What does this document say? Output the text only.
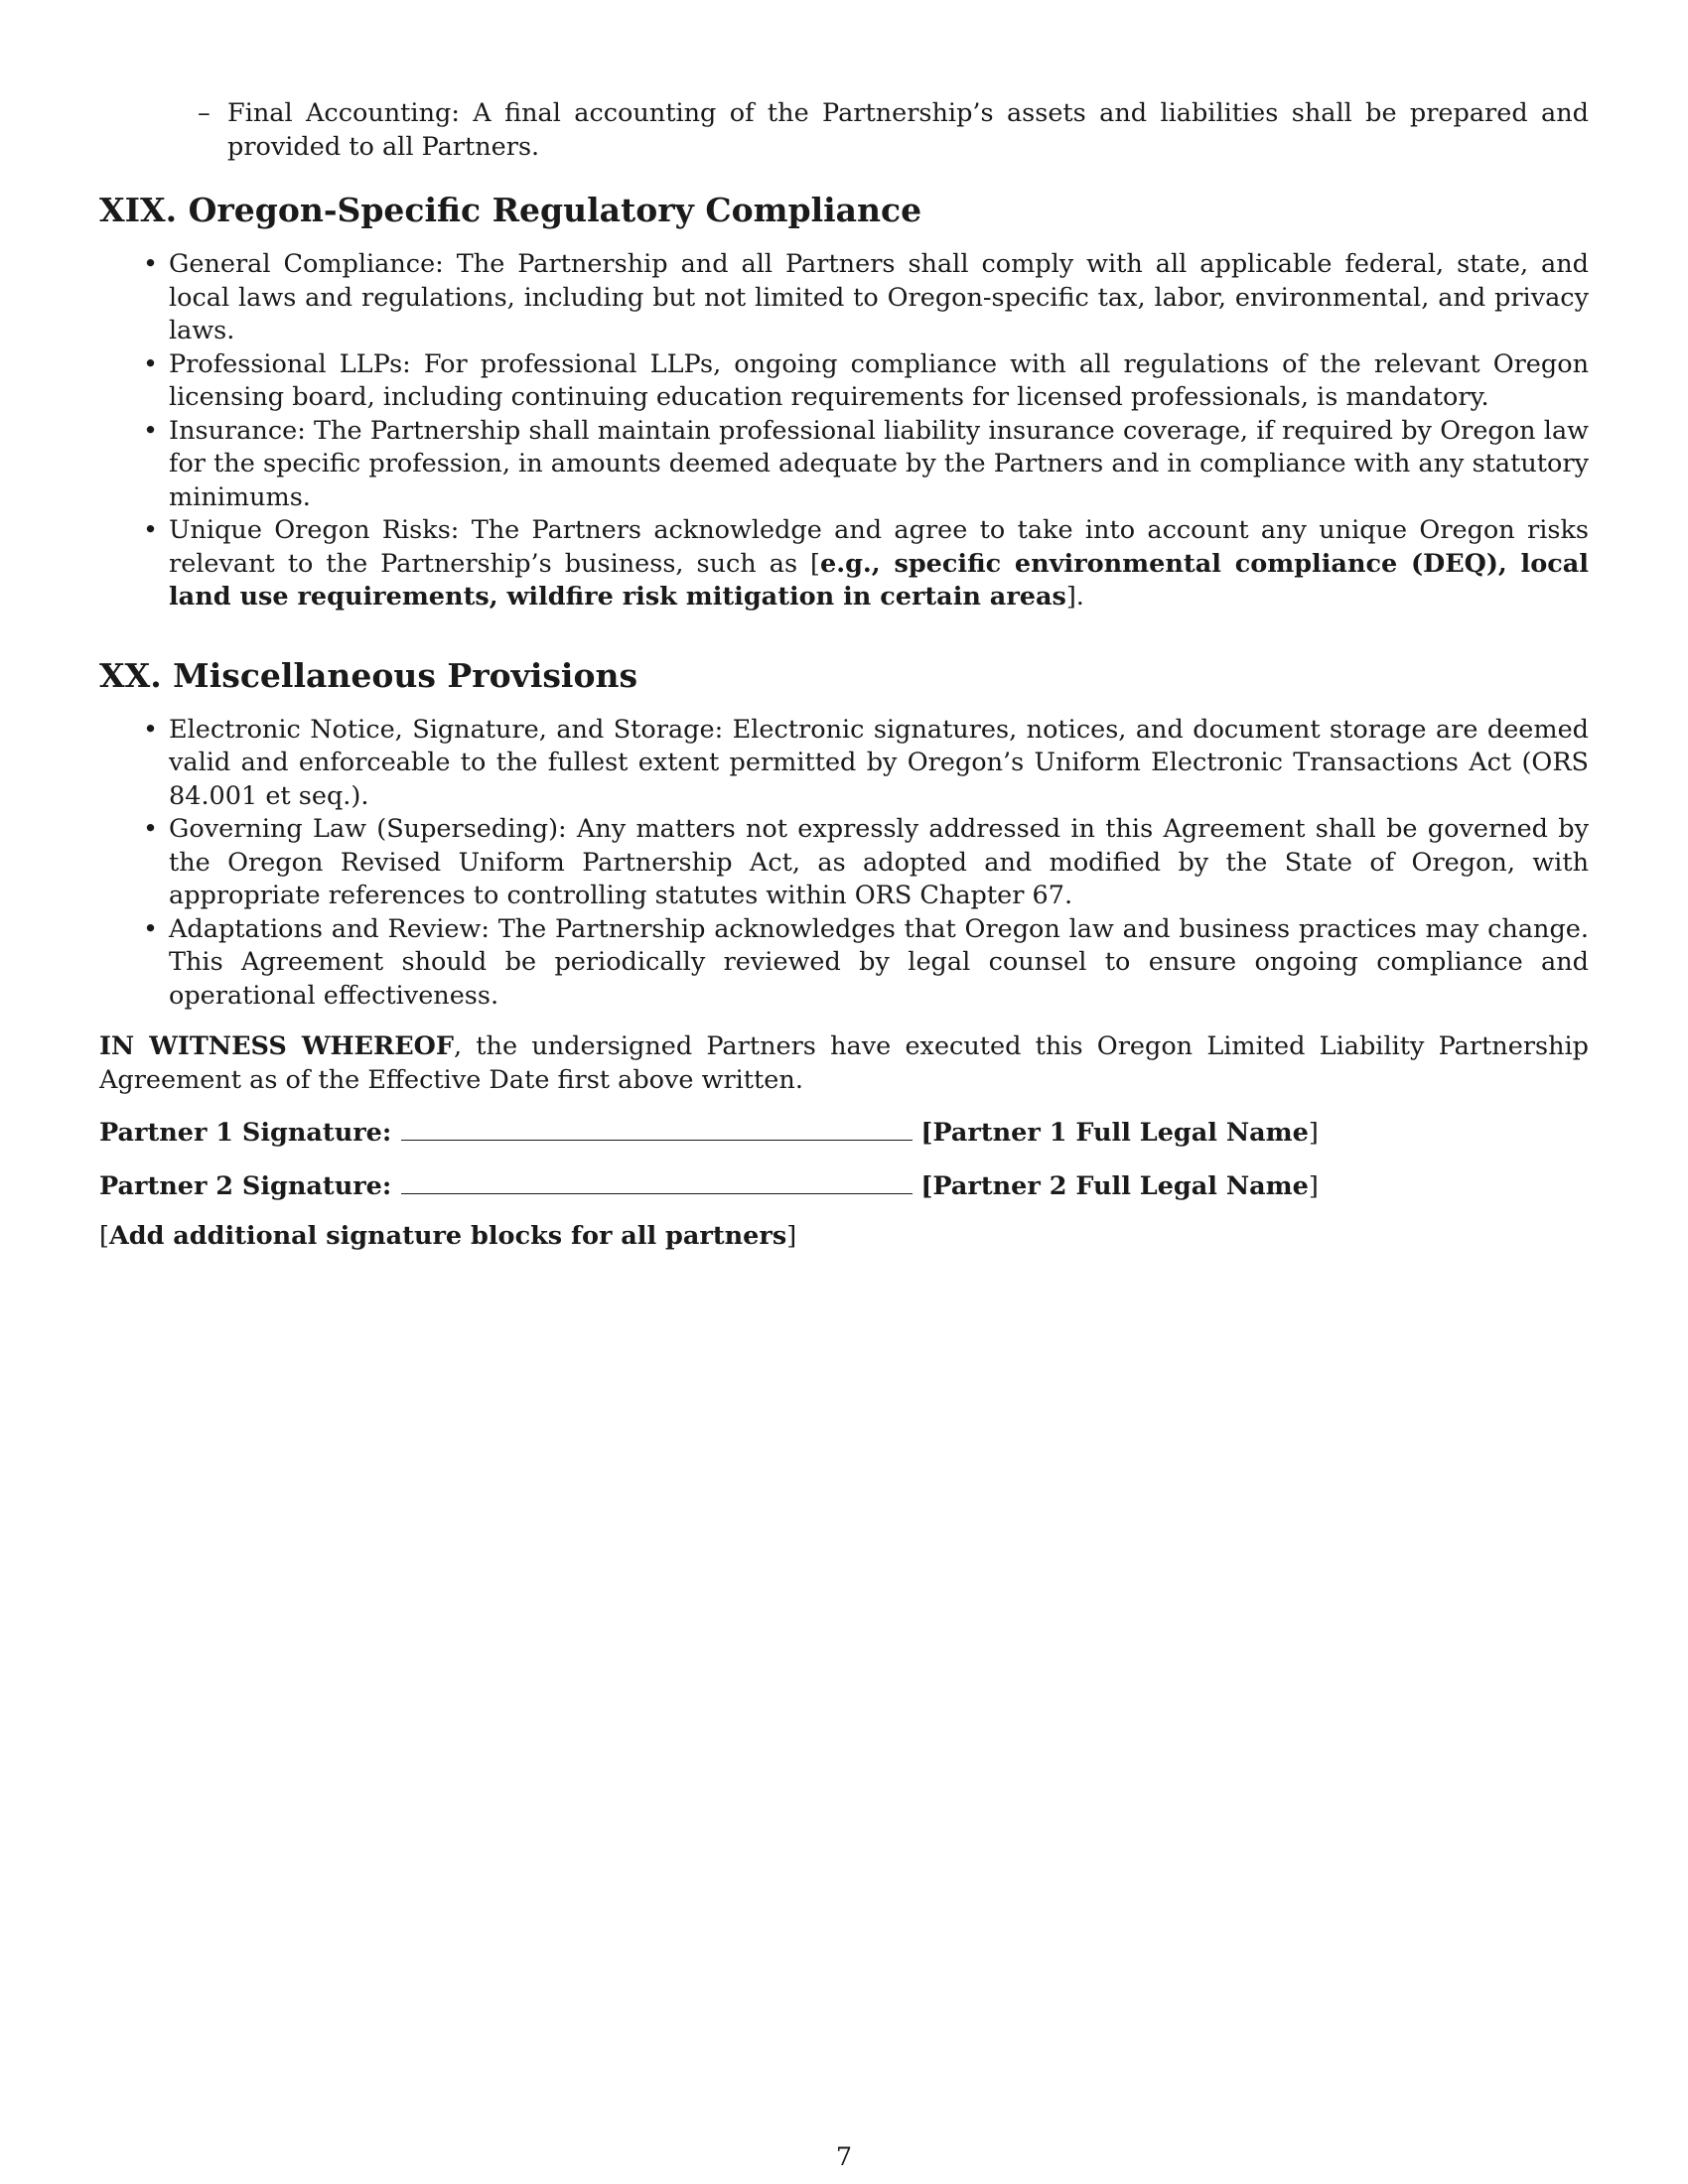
– Final Accounting: A final accounting of the Partnership’s assets and liabilities shall be prepared and provided to all Partners.
XIX. Oregon-Specific Regulatory Compliance
• General Compliance: The Partnership and all Partners shall comply with all applicable federal, state, and local laws and regulations, including but not limited to Oregon-specific tax, labor, environmental, and privacy laws.
• Professional LLPs: For professional LLPs, ongoing compliance with all regulations of the relevant Oregon licensing board, including continuing education requirements for licensed professionals, is mandatory.
• Insurance: The Partnership shall maintain professional liability insurance coverage, if required by Oregon law for the specific profession, in amounts deemed adequate by the Partners and in compliance with any statutory minimums.
• Unique Oregon Risks: The Partners acknowledge and agree to take into account any unique Oregon risks relevant to the Partnership’s business, such as [e.g., specific environmental compliance (DEQ), local land use requirements, wildfire risk mitigation in certain areas].
XX. Miscellaneous Provisions
• Electronic Notice, Signature, and Storage: Electronic signatures, notices, and document storage are deemed valid and enforceable to the fullest extent permitted by Oregon’s Uniform Electronic Transactions Act (ORS 84.001 et seq.).
• Governing Law (Superseding): Any matters not expressly addressed in this Agreement shall be governed by the Oregon Revised Uniform Partnership Act, as adopted and modified by the State of Oregon, with appropriate references to controlling statutes within ORS Chapter 67.
• Adaptations and Review: The Partnership acknowledges that Oregon law and business practices may change. This Agreement should be periodically reviewed by legal counsel to ensure ongoing compliance and operational effectiveness.
IN WITNESS WHEREOF, the undersigned Partners have executed this Oregon Limited Liability Partnership Agreement as of the Effective Date first above written.
Partner 1 Signature:	[Partner 1 Full Legal Name]
Partner 2 Signature:	[Partner 2 Full Legal Name]
[Add additional signature blocks for all partners]
7
